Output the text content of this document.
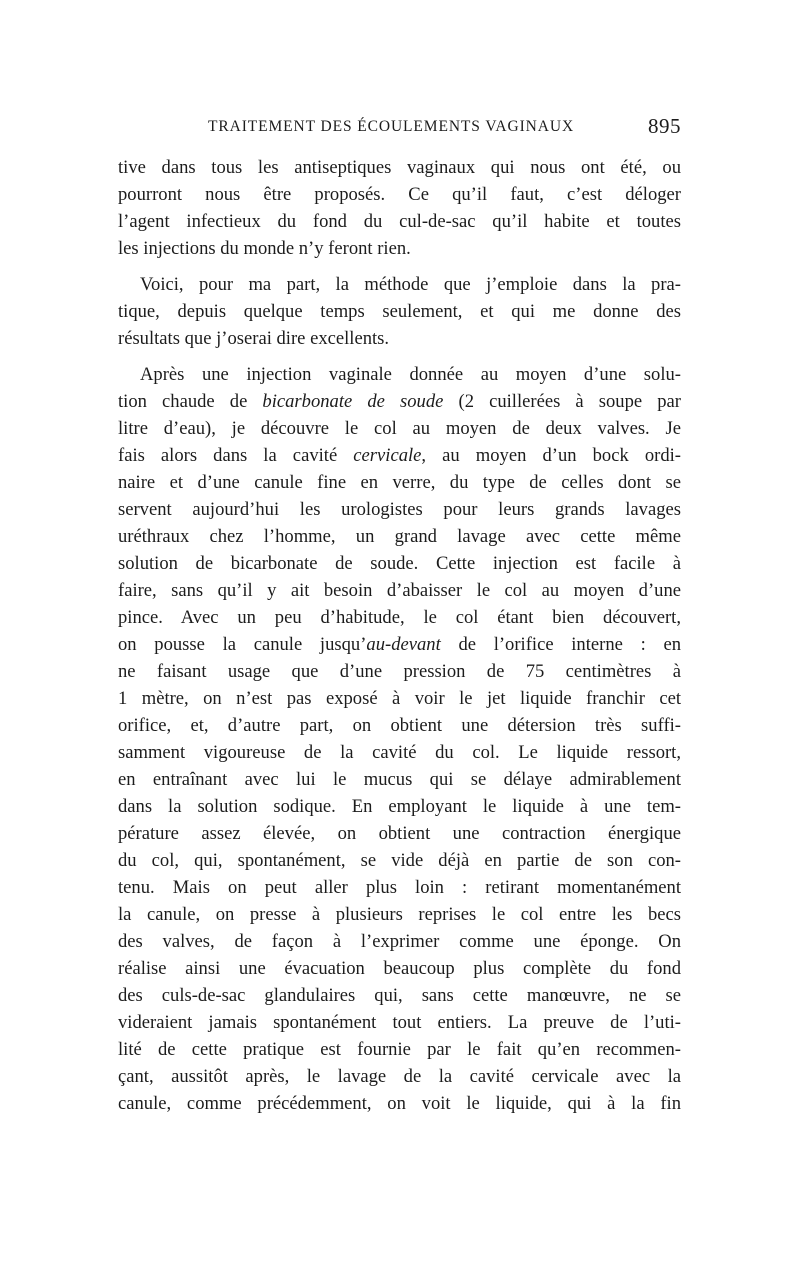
TRAITEMENT DES ÉCOULEMENTS VAGINAUX	895
tive dans tous les antiseptiques vaginaux qui nous ont été, ou
pourront nous être proposés. Ce qu’il faut, c’est déloger
l’agent infectieux du fond du cul-de-sac qu’il habite et toutes
les injections du monde n’y feront rien.
Voici, pour ma part, la méthode que j’emploie dans la pra-
tique, depuis quelque temps seulement, et qui me donne des
résultats que j’oserai dire excellents.
Après une injection vaginale donnée au moyen d’une solu-
tion chaude de bicarbonate de soude (2 cuillerées à soupe par
litre d’eau), je découvre le col au moyen de deux valves. Je
fais alors dans la cavité cervicale, au moyen d’un bock ordi-
naire et d’une canule fine en verre, du type de celles dont se
servent aujourd’hui les urologistes pour leurs grands lavages
uréthraux chez l’homme, un grand lavage avec cette même
solution de bicarbonate de soude. Cette injection est facile à
faire, sans qu’il y ait besoin d’abaisser le col au moyen d’une
pince. Avec un peu d’habitude, le col étant bien découvert,
on pousse la canule jusqu’au-devant de l’orifice interne : en
ne faisant usage que d’une pression de 75 centimètres à
1 mètre, on n’est pas exposé à voir le jet liquide franchir cet
orifice, et, d’autre part, on obtient une détersion très suffi-
samment vigoureuse de la cavité du col. Le liquide ressort,
en entraînant avec lui le mucus qui se délaye admirablement
dans la solution sodique. En employant le liquide à une tem-
pérature assez élevée, on obtient une contraction énergique
du col, qui, spontanément, se vide déjà en partie de son con-
tenu. Mais on peut aller plus loin : retirant momentanément
la canule, on presse à plusieurs reprises le col entre les becs
des valves, de façon à l’exprimer comme une éponge. On
réalise ainsi une évacuation beaucoup plus complète du fond
des culs-de-sac glandulaires qui, sans cette manœuvre, ne se
videraient jamais spontanément tout entiers. La preuve de l’uti-
lité de cette pratique est fournie par le fait qu’en recommen-
çant, aussitôt après, le lavage de la cavité cervicale avec la
canule, comme précédemment, on voit le liquide, qui à la fin
